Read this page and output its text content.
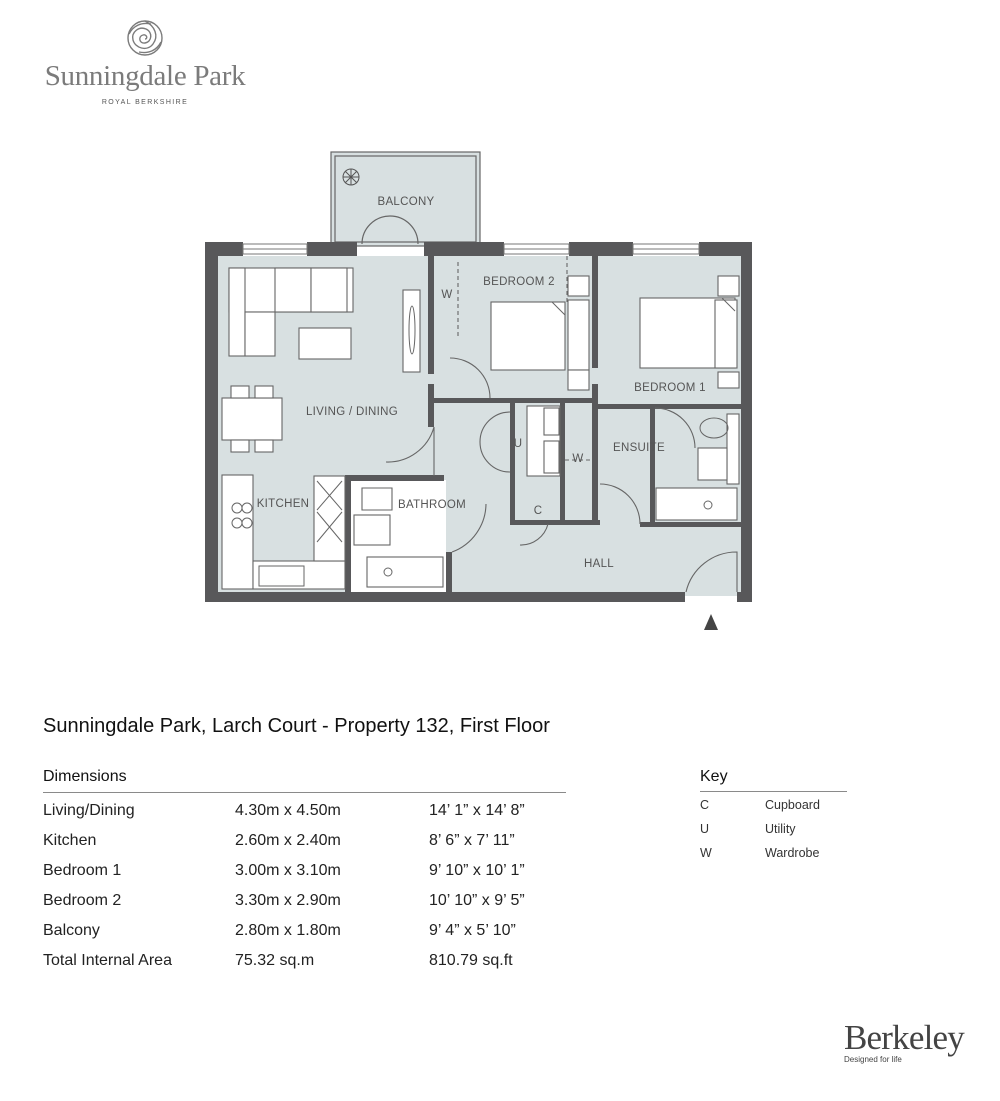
Sunningdale Park
ROYAL BERKSHIRE
BALCONY
BEDROOM 2
BEDROOM 1
LIVING / DINING
KITCHEN	BATHROOM
ENSUITE
HALL
W
U
W
C
Sunningdale Park, Larch Court - Property 132, First Floor
Dimensions
Living/Dining	4.30m x 4.50m	14’ 1” x 14’ 8”
Kitchen	2.60m x 2.40m	8’ 6” x 7’ 11”
Bedroom 1	3.00m x 3.10m	9’ 10” x 10’ 1”
Bedroom 2	3.30m x 2.90m	10’ 10” x 9’ 5”
Balcony	2.80m x 1.80m	9’ 4” x 5’ 10”
Total Internal Area	75.32 sq.m	810.79 sq.ft
Key
C	Cupboard
U	Utility
W	Wardrobe
Berkeley
Designed for life
